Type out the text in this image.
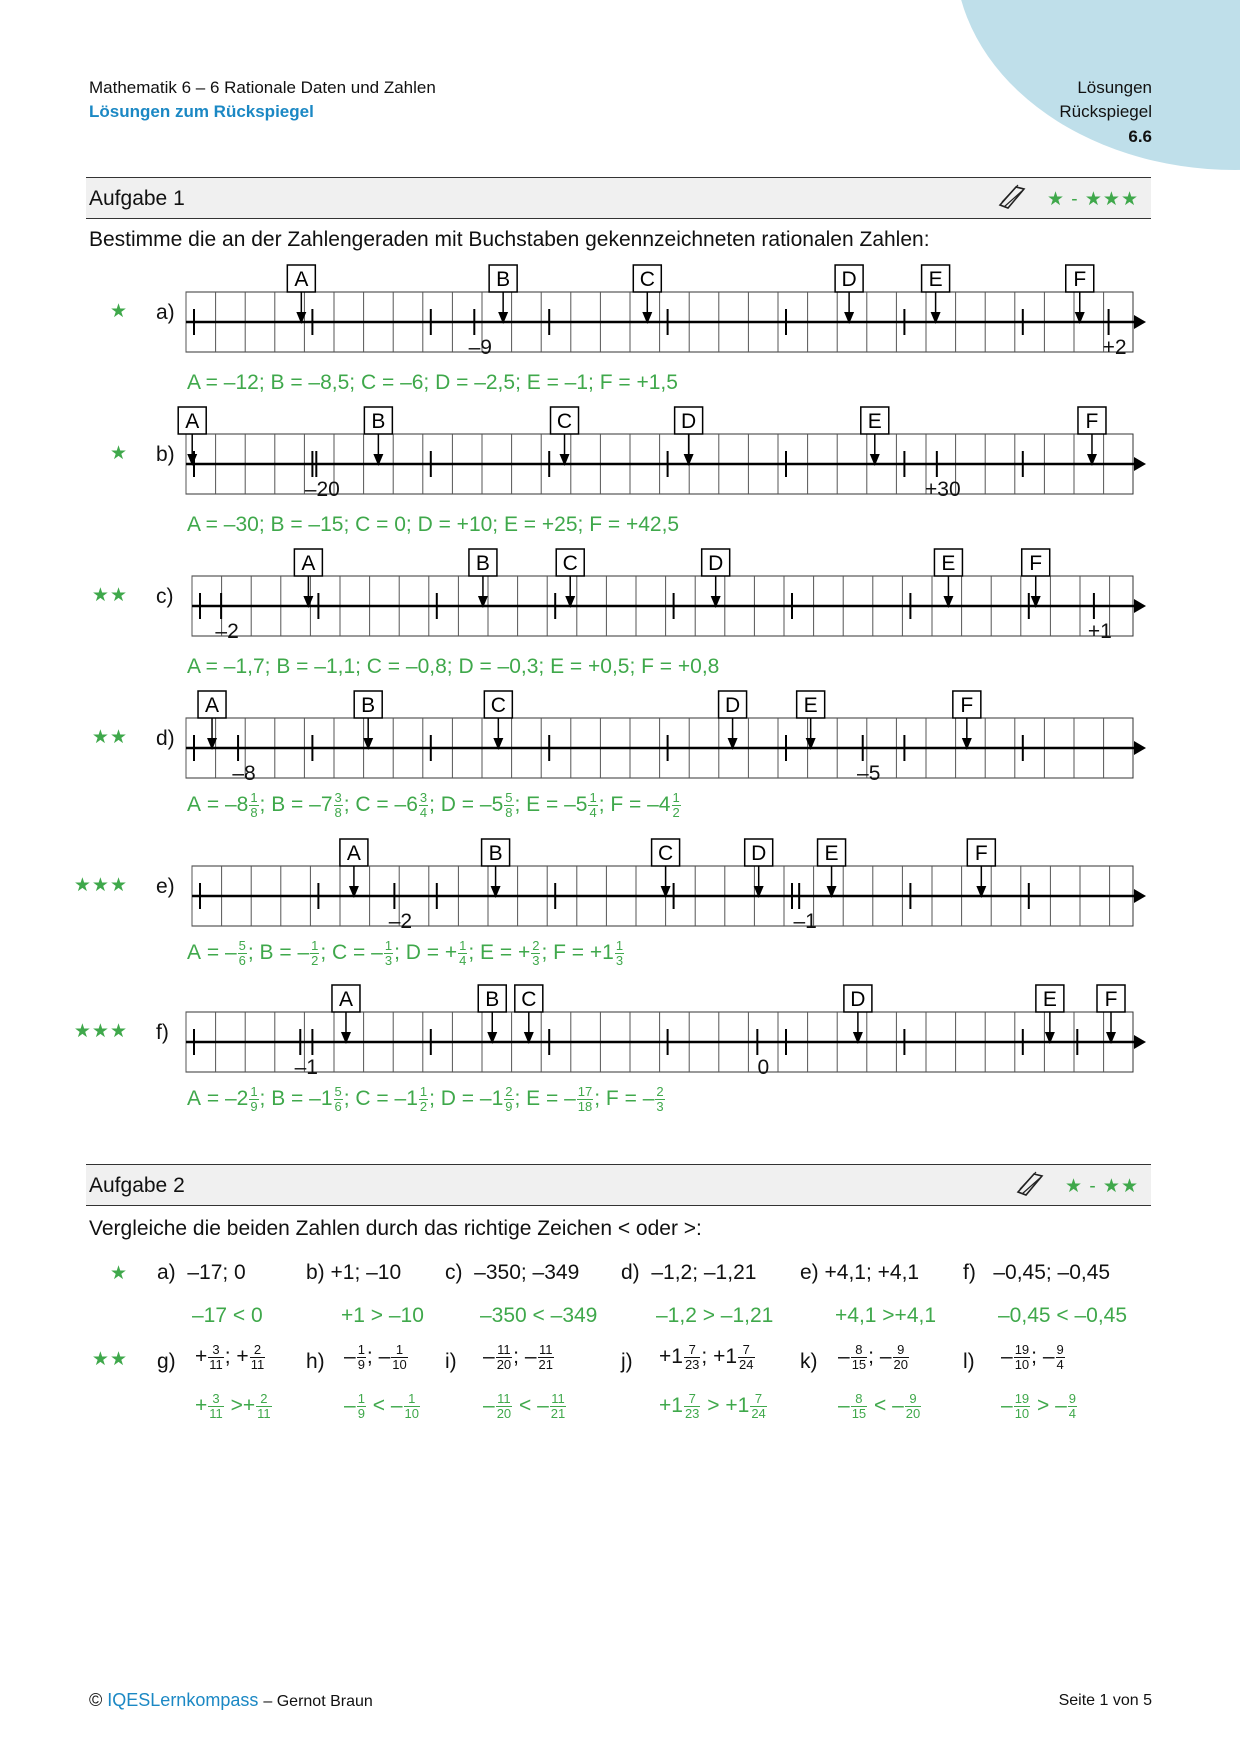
Mathematik 6 – 6 Rationale Daten und Zahlen
Lösungen zum Rückspiegel
Lösungen
Rückspiegel
6.6
Aufgabe 1	★ - ★★★
Bestimme die an der Zahlengeraden mit Buchstaben gekennzeichneten rationalen Zahlen:
★ a)
–9	+2
A	B	C	D	E	F
A = –12; B = –8,5; C = –6; D = –2,5; E = –1; F = +1,5
★ b)
–20	+30
A	B	C	D	E	F
A = –30; B = –15; C = 0; D = +10; E = +25; F = +42,5
★★ c)
–2	+1
A	B	C	D	E	F
A = –1,7; B = –1,1; C = –0,8; D = –0,3; E = +0,5; F = +0,8
★★ d)
–8	–5
A	B	C	D	E	F
$A = -8 \frac{1}{8}$ ; $B = -7 \frac{3}{8}$ ; $C = -6 \frac{3}{4}$ ; $D = -5 \frac{5}{8}$ ; $E = -5 \frac{1}{4}$ ; $F = -4 \frac{1}{2}$
★★★ e)
–2	–1
A	B	C	D	E	F
A = – $\frac{5}{6}$ ; B = – $\frac{1}{2}$ ; C = – $\frac{1}{3}$ ; D = + $\frac{1}{4}$ ; E = + $\frac{2}{3}$ ; $F = +1 \frac{1}{3}$
★★★ f)
–1	0
A	B C	D	E F
$A = -2 \frac{1}{9}$ ; $B = -1 \frac{5}{6}$ ; $C = -1 \frac{1}{2}$ ; $D = -1 \frac{2}{9}$ ; E = – $\frac{17}{18}$ ; F = – $\frac{2}{3}$
Aufgabe 2	★ - ★★
Vergleiche die beiden Zahlen durch das richtige Zeichen < oder >:
★
★★
a)  –17; 0
–17 < 0
b) +1; –10
+1 > –10
c)  –350; –349
–350 < –349
d)  –1,2; –1,21
–1,2 > –1,21
e) +4,1; +4,1
+4,1 >+4,1
f)   –0,45; –0,45
–0,45 < –0,45
$g) + \frac{3}{11}$ ; + $\frac{2}{11}$
+ $\frac{3}{11} >+ \frac{2}{11}$
$h) - \frac{1}{9}$ ; – $\frac{1}{10}$
– $\frac{1}{9}$ < – $\frac{1}{10}$
$i) - \frac{11}{20}$ ; – $\frac{11}{21}$
– $\frac{11}{20}$ < – $\frac{11}{21}$
$j) +1 \frac{7}{23}$ ; $+1 \frac{7}{24}$
$+1 \frac{7}{23} > +1 \frac{7}{24}$
$k) - \frac{8}{15}$ ; – $\frac{9}{20}$
– $\frac{8}{15}$ < – $\frac{9}{20}$
$l) - \frac{19}{10}$ ; – $\frac{9}{4}$
– $\frac{19}{10}$ > – $\frac{9}{4}$
© IQESLernkompass – Gernot Braun	Seite 1 von 5
